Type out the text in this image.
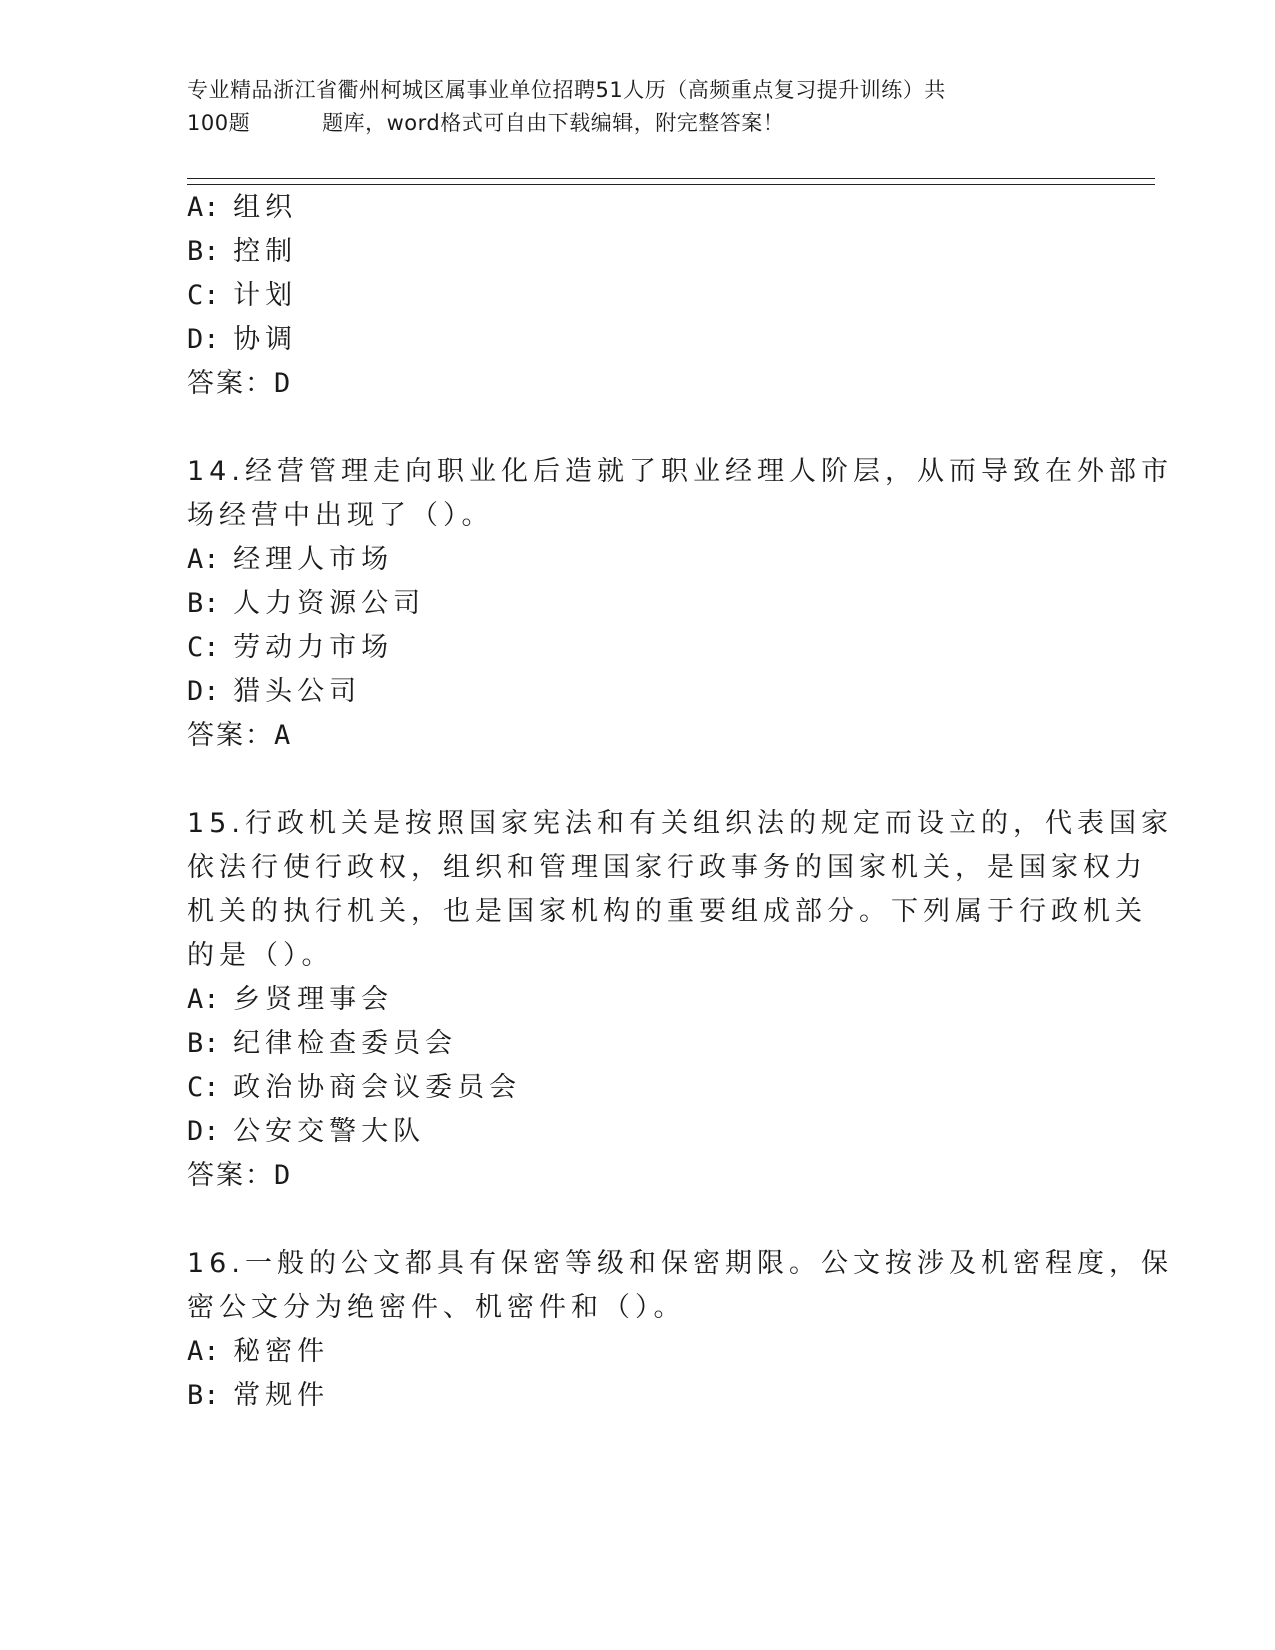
专业精品浙江省衢州柯城区属事业单位招聘51人历（高频重点复习提升训练）共
100题	题库，word格式可自由下载编辑，附完整答案！
A: 组织
B: 控制
C: 计划
D: 协调
答案：D
14.经营管理走向职业化后造就了职业经理人阶层，从而导致在外部市
场经营中出现了（）。
A: 经理人市场
B: 人力资源公司
C: 劳动力市场
D: 猎头公司
答案：A
15.行政机关是按照国家宪法和有关组织法的规定而设立的，代表国家
依法行使行政权，组织和管理国家行政事务的国家机关，是国家权力
机关的执行机关，也是国家机构的重要组成部分。下列属于行政机关
的是（）。
A: 乡贤理事会
B: 纪律检查委员会
C: 政治协商会议委员会
D: 公安交警大队
答案：D
16.一般的公文都具有保密等级和保密期限。公文按涉及机密程度，保
密公文分为绝密件、机密件和（）。
A: 秘密件
B: 常规件
